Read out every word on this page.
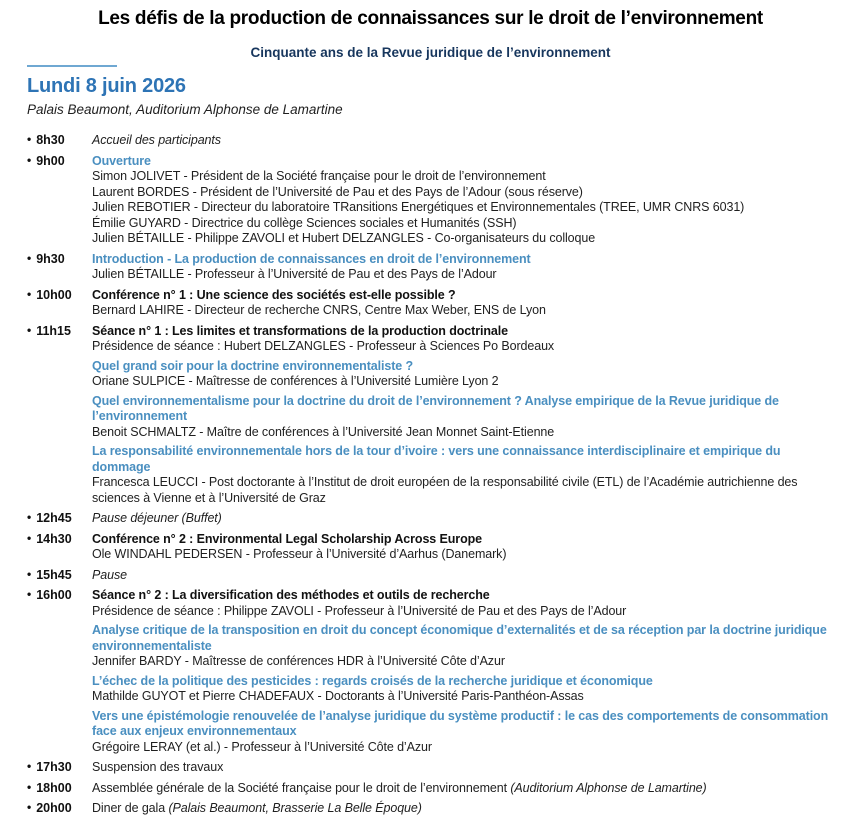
Les défis de la production de connaissances sur le droit de l’environnement
Cinquante ans de la Revue juridique de l’environnement
Lundi 8 juin 2026

Palais Beaumont, Auditorium Alphonse de Lamartine

• 8h30	Accueil des participants
• 9h00	Ouverture
Simon JOLIVET - Président de la Société française pour le droit de l’environnement
Laurent BORDES - Président de l’Université de Pau et des Pays de l’Adour (sous réserve)
Julien REBOTIER - Directeur du laboratoire TRansitions Energétiques et Environnementales (TREE, UMR CNRS 6031)
Émilie GUYARD - Directrice du collège Sciences sociales et Humanités (SSH)
Julien BÉTAILLE - Philippe ZAVOLI et Hubert DELZANGLES - Co-organisateurs du colloque
• 9h30	Introduction - La production de connaissances en droit de l’environnement
Julien BÉTAILLE - Professeur à l’Université de Pau et des Pays de l’Adour
• 10h00	Conférence n° 1 : Une science des sociétés est-elle possible ?
Bernard LAHIRE - Directeur de recherche CNRS, Centre Max Weber, ENS de Lyon
• 11h15	Séance n° 1 : Les limites et transformations de la production doctrinale
Présidence de séance : Hubert DELZANGLES - Professeur à Sciences Po Bordeaux
Quel grand soir pour la doctrine environnementaliste ?
Oriane SULPICE - Maîtresse de conférences à l’Université Lumière Lyon 2
Quel environnementalisme pour la doctrine du droit de l’environnement ? Analyse empirique de la Revue juridique de l’environnement
Benoit SCHMALTZ - Maître de conférences à l’Université Jean Monnet Saint-Etienne
La responsabilité environnementale hors de la tour d’ivoire : vers une connaissance interdisciplinaire et empirique du dommage
Francesca LEUCCI - Post doctorante à l’Institut de droit européen de la responsabilité civile (ETL) de l’Académie autrichienne des sciences à Vienne et à l’Université de Graz
• 12h45	Pause déjeuner (Buffet)
• 14h30	Conférence n° 2 : Environmental Legal Scholarship Across Europe
Ole WINDAHL PEDERSEN - Professeur à l’Université d’Aarhus (Danemark)
• 15h45	Pause
• 16h00	Séance n° 2 : La diversification des méthodes et outils de recherche
Présidence de séance : Philippe ZAVOLI - Professeur à l’Université de Pau et des Pays de l’Adour
Analyse critique de la transposition en droit du concept économique d’externalités et de sa réception par la doctrine juridique environnementaliste
Jennifer BARDY - Maîtresse de conférences HDR à l’Université Côte d’Azur
L’échec de la politique des pesticides : regards croisés de la recherche juridique et économique
Mathilde GUYOT et Pierre CHADEFAUX - Doctorants à l’Université Paris-Panthéon-Assas
Vers une épistémologie renouvelée de l’analyse juridique du système productif : le cas des comportements de consommation face aux enjeux environnementaux
Grégoire LERAY (et al.) - Professeur à l’Université Côte d’Azur
• 17h30	Suspension des travaux
• 18h00	Assemblée générale de la Société française pour le droit de l’environnement (Auditorium Alphonse de Lamartine)
• 20h00	Diner de gala (Palais Beaumont, Brasserie La Belle Époque)
